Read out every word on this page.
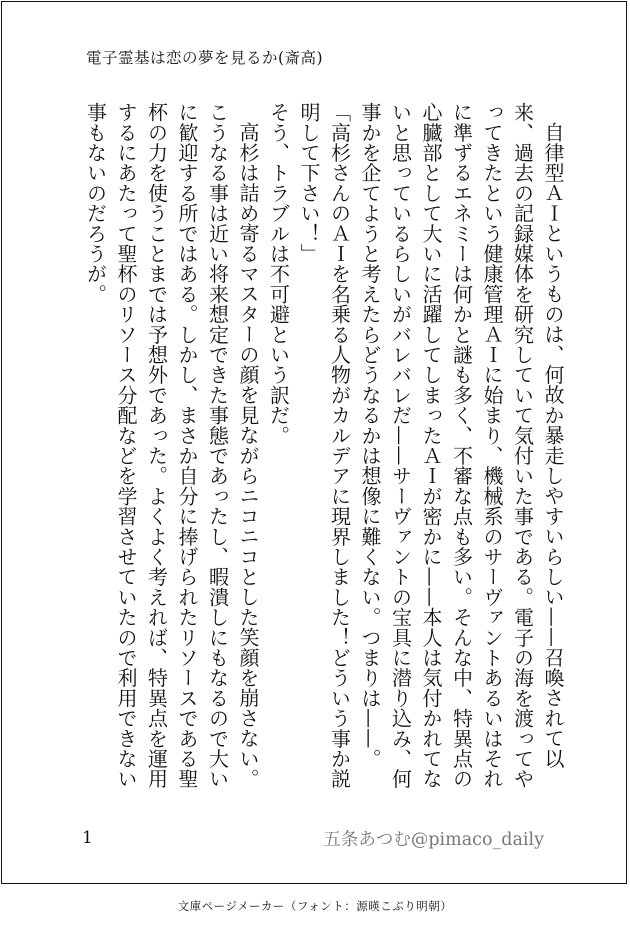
電子霊基は恋の夢を見るか(斎高)

自律型ＡＩというものは、何故か暴走しやすいらしい——召喚されて以来、過去の記録媒体を研究していて気付いた事である。電子の海を渡ってやってきたという健康管理ＡＩに始まり、機械系のサーヴァントあるいはそれに準ずるエネミーは何かと謎も多く、不審な点も多い。そんな中、特異点の心臓部として大いに活躍してしまったＡＩが密かに——本人は気付かれてないと思っているらしいがバレバレだ——サーヴァントの宝具に潜り込み、何事かを企てようと考えたらどうなるかは想像に難くない。つまりは——。

「高杉さんのＡＩを名乗る人物がカルデアに現界しました！どういう事か説明して下さい！」

そう、トラブルは不可避という訳だ。

高杉は詰め寄るマスターの顔を見ながらニコニコとした笑顔を崩さない。こうなる事は近い将来想定できた事態であったし、暇潰しにもなるので大いに歓迎する所ではある。しかし、まさか自分に捧げられたリソースである聖杯の力を使うことまでは予想外であった。よくよく考えれば、特異点を運用するにあたって聖杯のリソース分配などを学習させていたので利用できない事もないのだろうが。

1	五条あつむ@pimaco_daily
文庫ページメーカー（フォント：源暎こぶり明朝）
